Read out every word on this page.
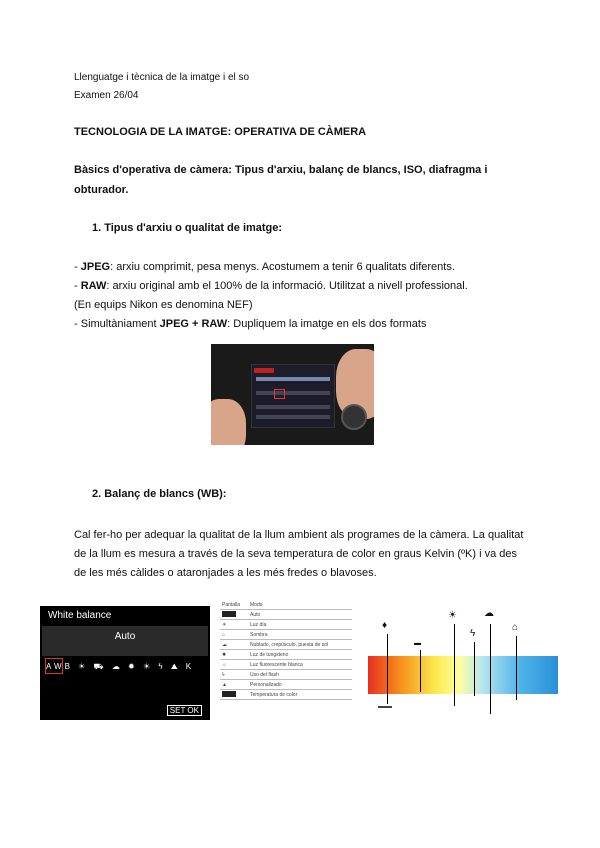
Llenguatge i tècnica de la imatge i el so
Examen 26/04
TECNOLOGIA DE LA IMATGE: OPERATIVA DE CÀMERA
Bàsics d'operativa de càmera: Tipus d'arxiu, balanç de blancs, ISO, diafragma i
obturador.
1. Tipus d'arxiu o qualitat de imatge:
- JPEG: arxiu comprimit, pesa menys. Acostumem a tenir 6 qualitats diferents.
- RAW: arxiu original amb el 100% de la informació. Utilitzat a nivell professional.
(En equips Nikon es denomina NEF)
- Simultàniament JPEG + RAW: Dupliquem la imatge en els dos formats
2. Balanç de blancs (WB):
Cal fer-ho per adequar la qualitat de la llum ambient als programes de la càmera. La qualitat
de la llum es mesura a través de la seva temperatura de color en graus Kelvin (ºK) i va des
de les més càlides o ataronjades a les més fredes o blavoses.
White balance
Auto
AWB ☀ ⛟ ☁ ✹ ☀ ϟ ⛰ K
SET OK
Pantalla	Modo
	Auto
☀	Luz día
⌂	Sombra
☁	Nublado, crepúsculo, puesta de sol
✹	Luz de tungsteno
☼	Luz fluorescente blanca
ϟ	Uso del flash
▲	Personalizado
	Temperatura de color
♦
▬
☀
ϟ
☁
⌂
